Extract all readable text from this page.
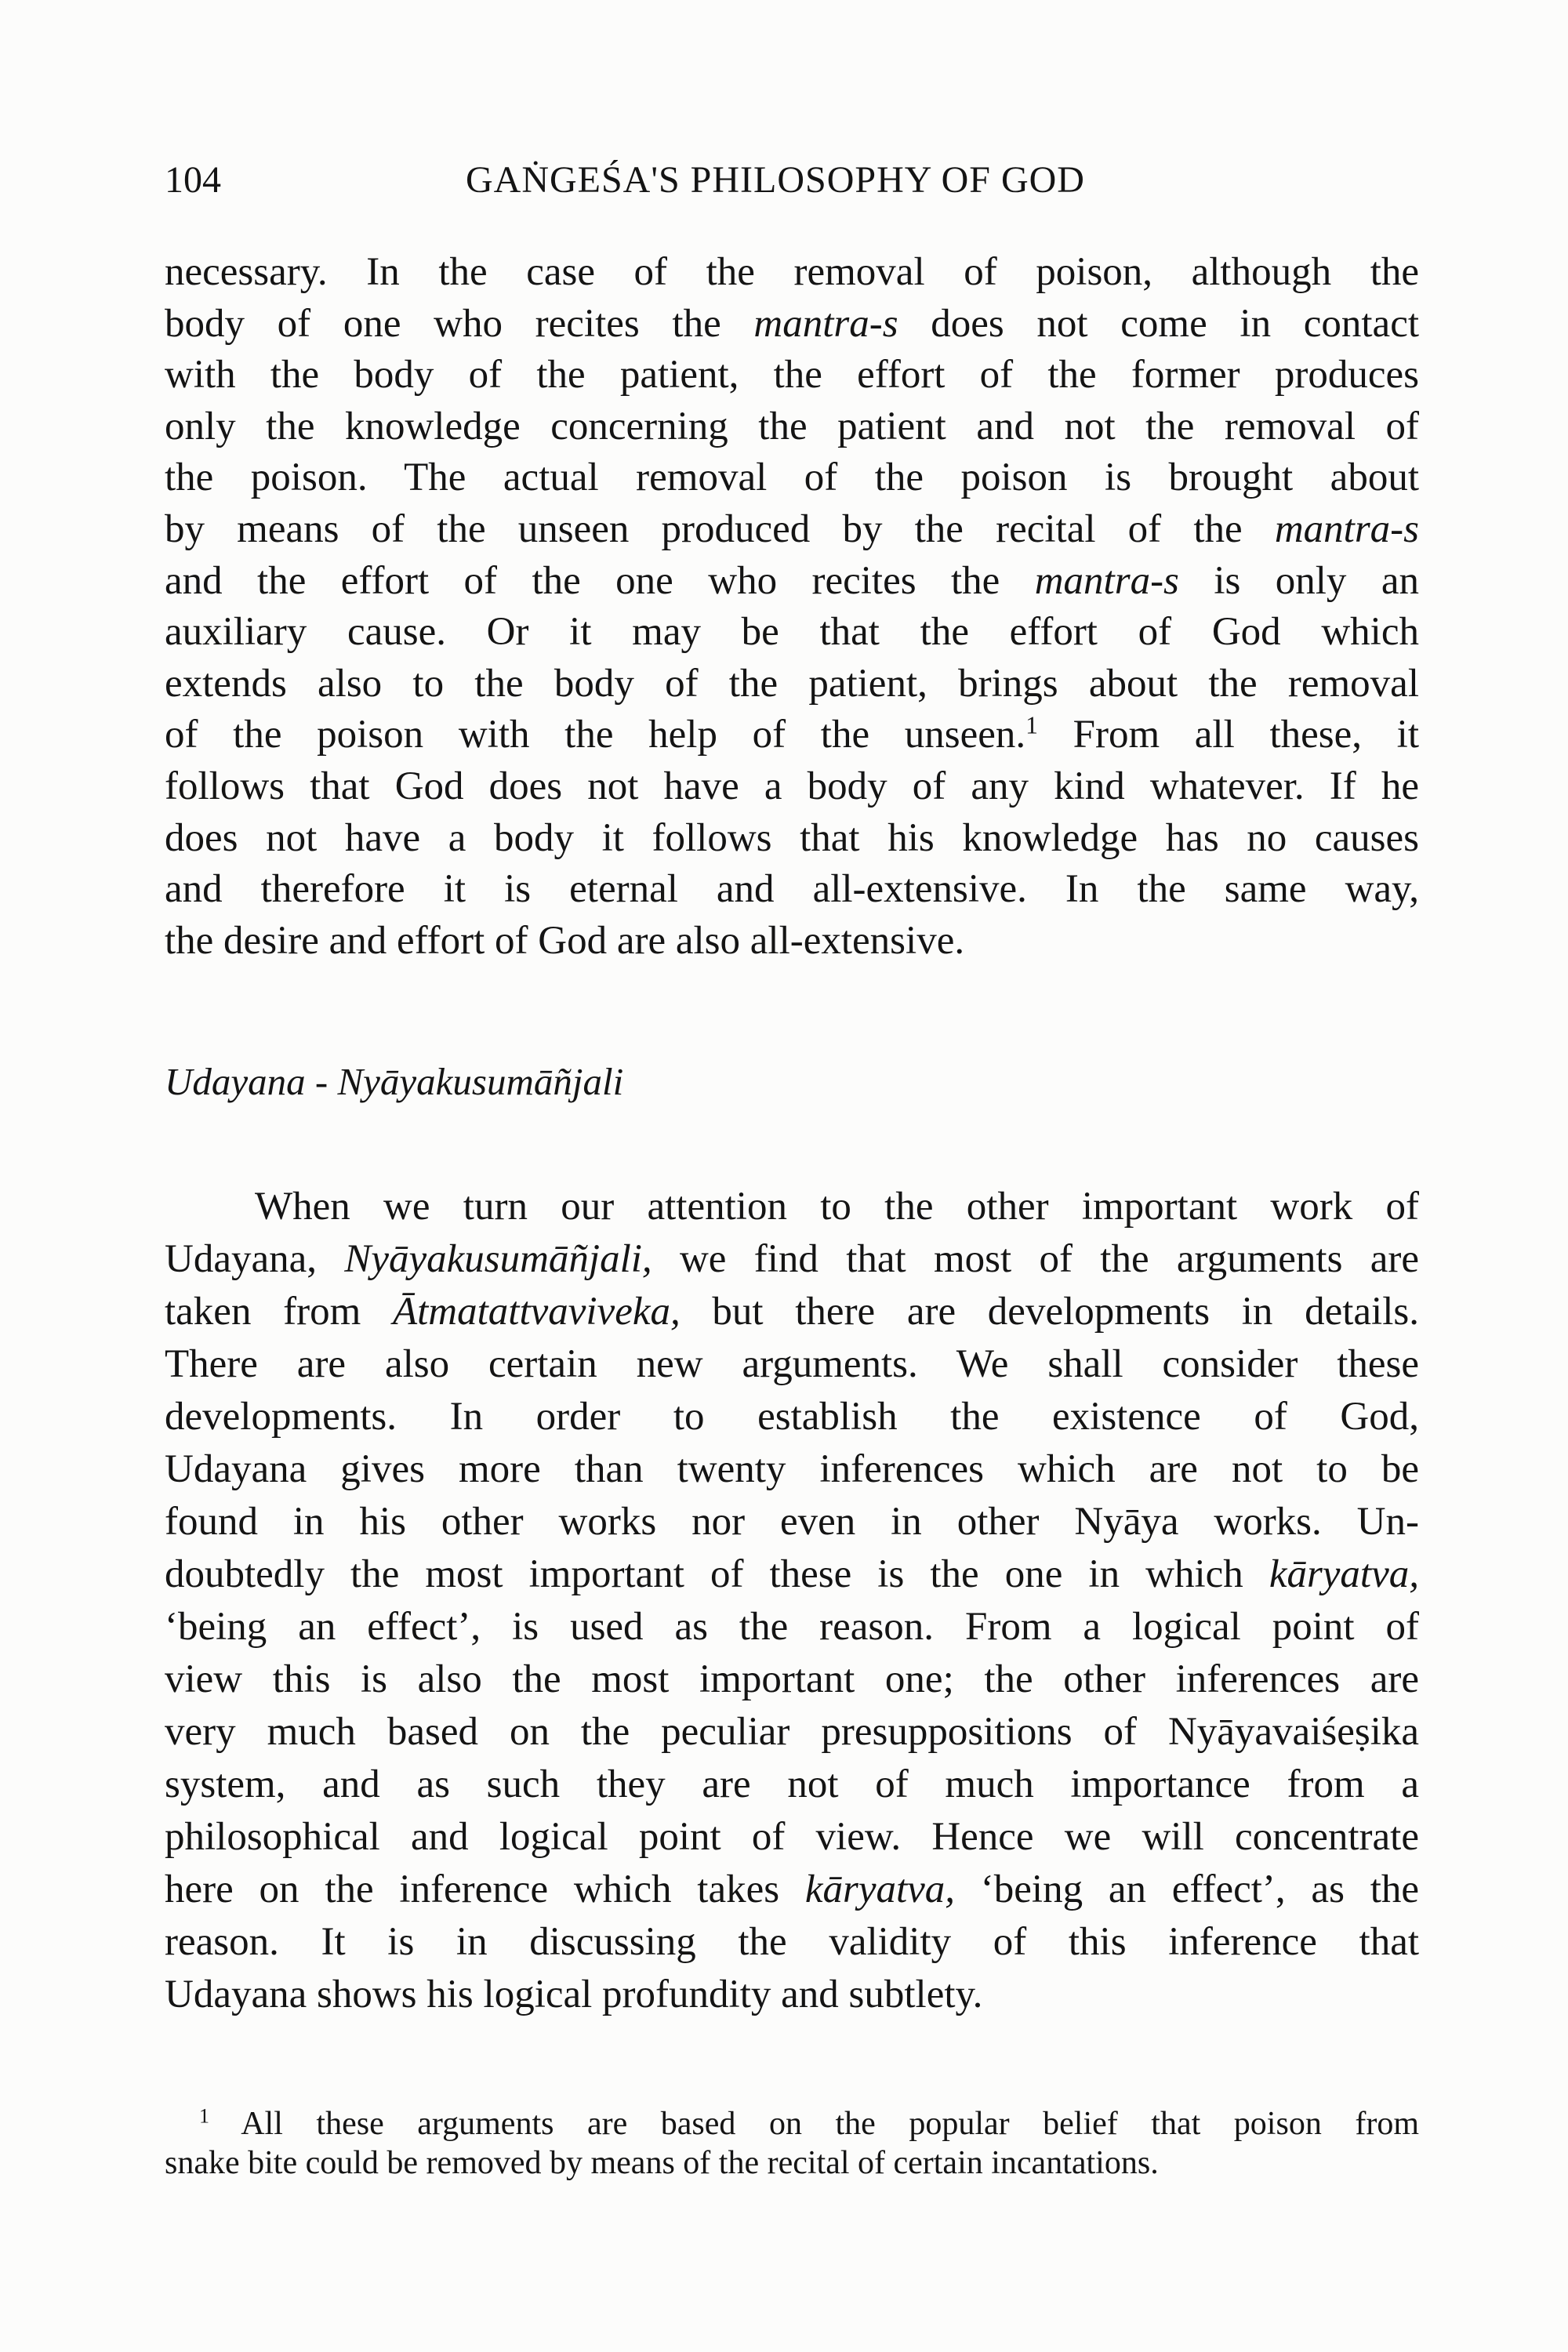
104	GAṄGEŚA'S PHILOSOPHY OF GOD
necessary. In the case of the removal of poison, although the
body of one who recites the mantra-s does not come in contact
with the body of the patient, the effort of the former produces
only the knowledge concerning the patient and not the removal of
the poison. The actual removal of the poison is brought about
by means of the unseen produced by the recital of the mantra-s
and the effort of the one who recites the mantra-s is only an
auxiliary cause. Or it may be that the effort of God which
extends also to the body of the patient, brings about the removal
of the poison with the help of the unseen.$^1$ From all these, it
follows that God does not have a body of any kind whatever. If he
does not have a body it follows that his knowledge has no causes
and therefore it is eternal and all-extensive. In the same way,
the desire and effort of God are also all-extensive.
Udayana - Nyāyakusumāñjali
When we turn our attention to the other important work of
Udayana, Nyāyakusumāñjali, we find that most of the arguments are
taken from Ātmatattvaviveka, but there are developments in details.
There are also certain new arguments. We shall consider these
developments. In order to establish the existence of God,
Udayana gives more than twenty inferences which are not to be
found in his other works nor even in other Nyāya works. Un-
doubtedly the most important of these is the one in which kāryatva,
‘being an effect’, is used as the reason. From a logical point of
view this is also the most important one; the other inferences are
very much based on the peculiar presuppositions of Nyāyavaiśeṣika
system, and as such they are not of much importance from a
philosophical and logical point of view. Hence we will concentrate
here on the inference which takes kāryatva, ‘being an effect’, as the
reason. It is in discussing the validity of this inference that
Udayana shows his logical profundity and subtlety.
$^1$ All these arguments are based on the popular belief that poison from
snake bite could be removed by means of the recital of certain incantations.
